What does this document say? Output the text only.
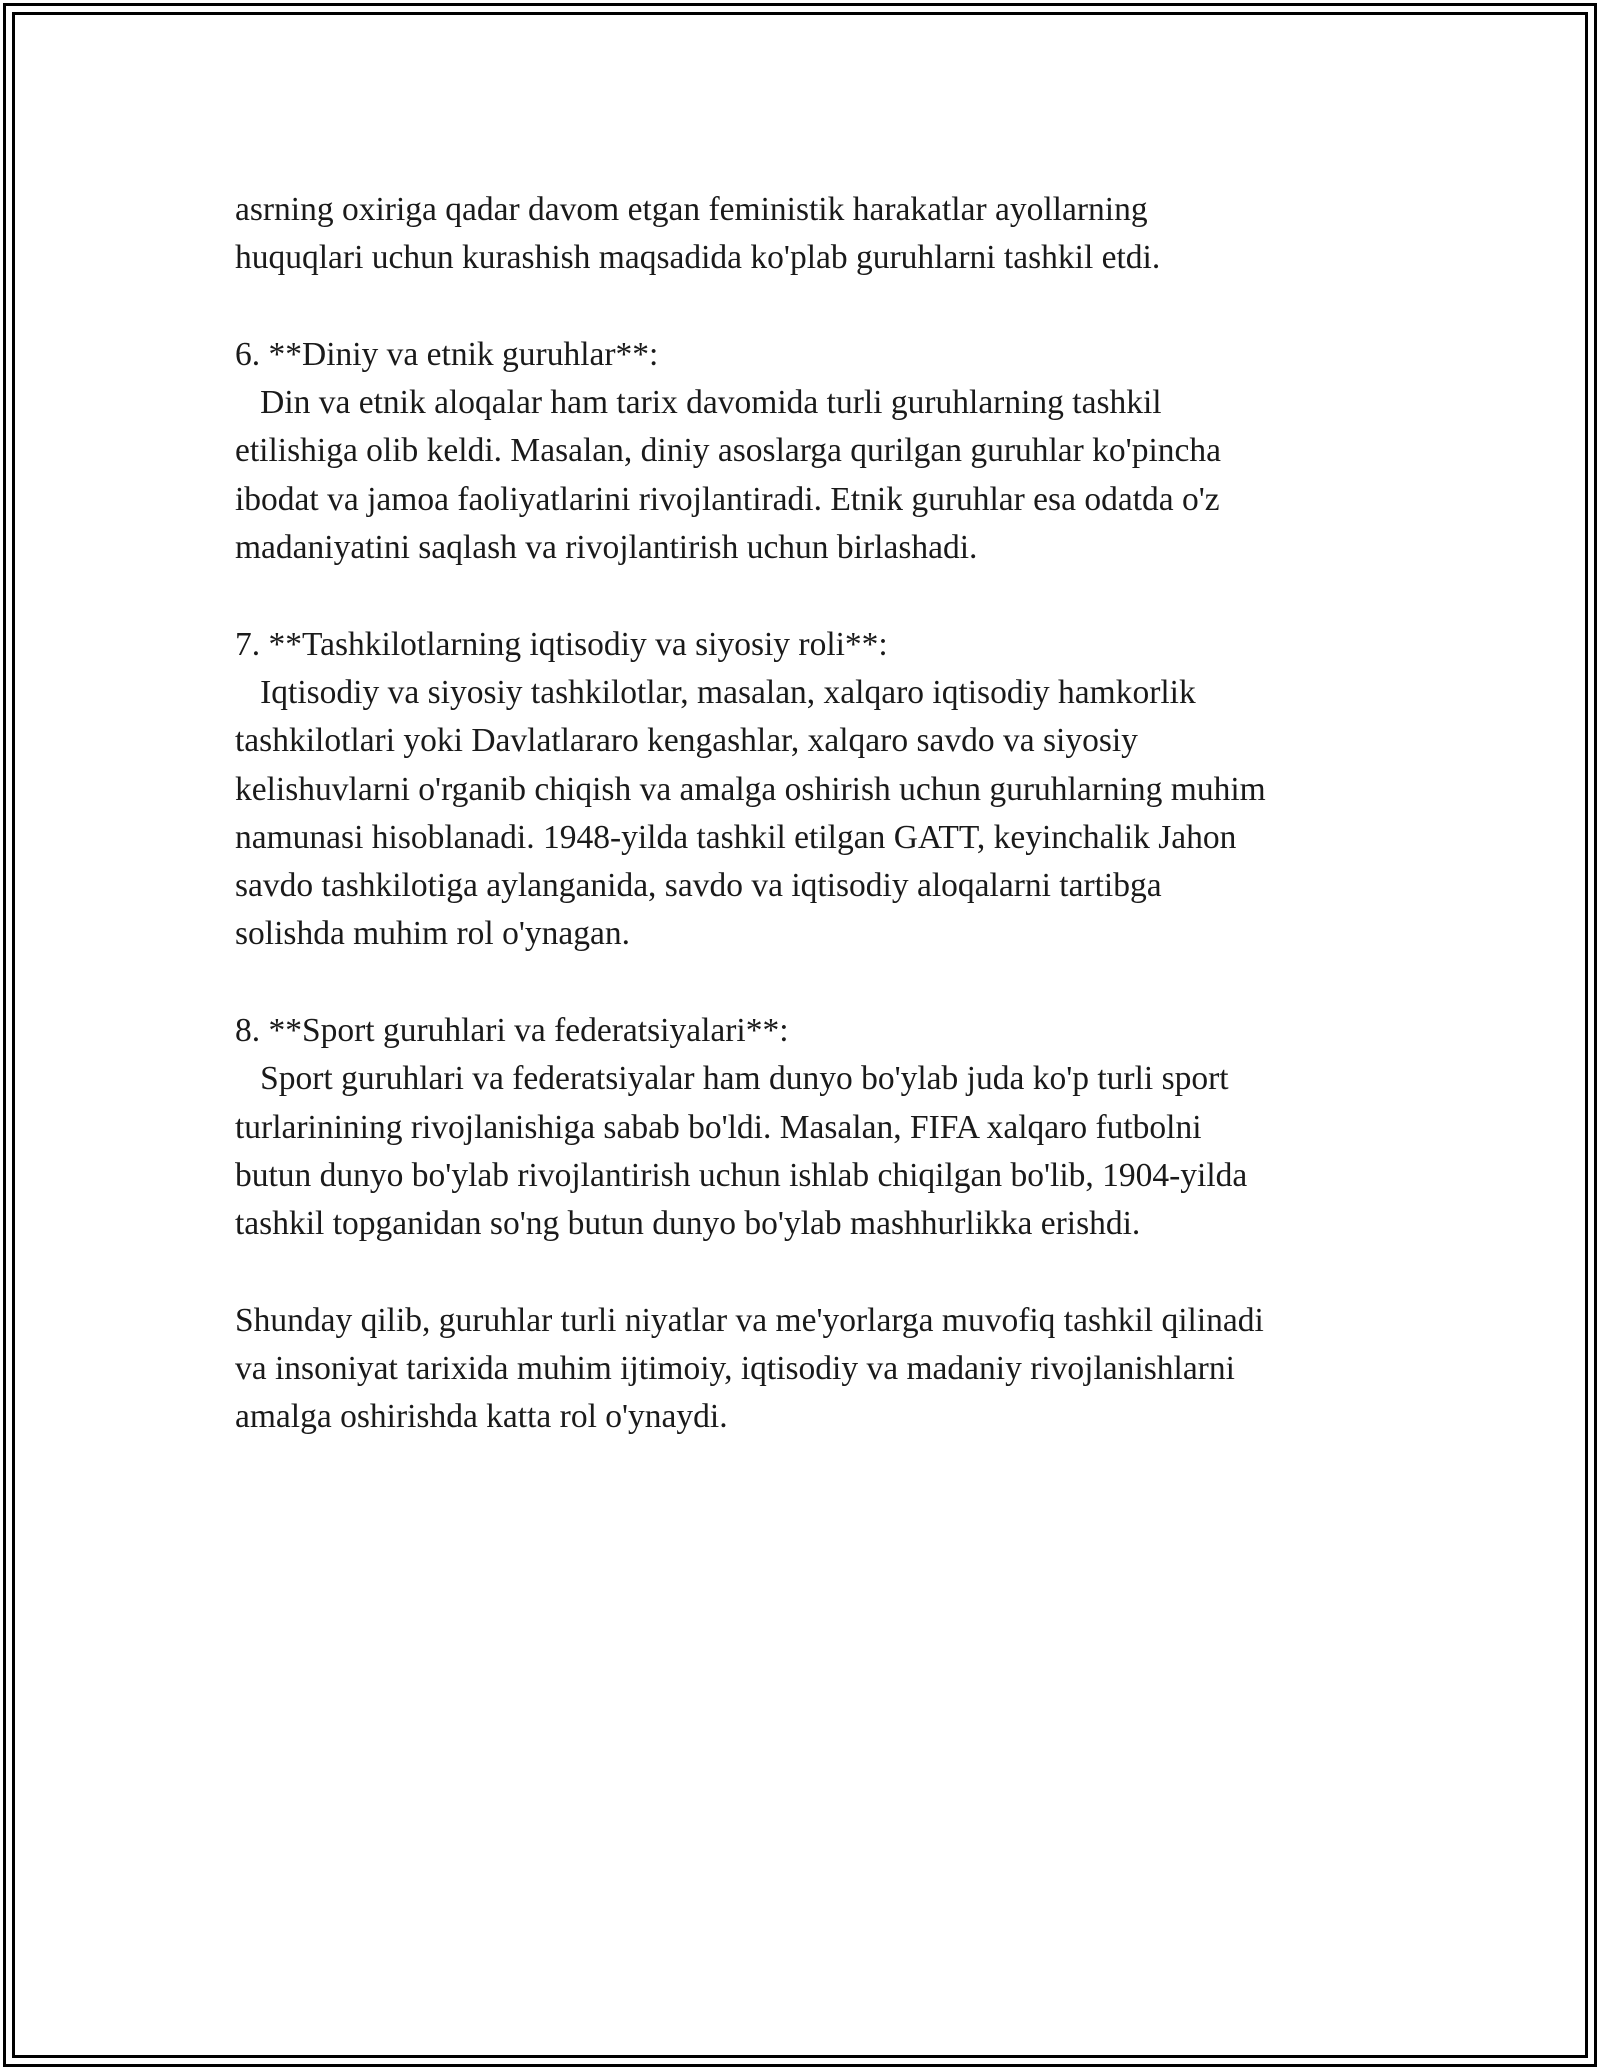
asrning oxiriga qadar davom etgan feministik harakatlar ayollarning
huquqlari uchun kurashish maqsadida ko'plab guruhlarni tashkil etdi.
6. **Diniy va etnik guruhlar**:
Din va etnik aloqalar ham tarix davomida turli guruhlarning tashkil
etilishiga olib keldi. Masalan, diniy asoslarga qurilgan guruhlar ko'pincha
ibodat va jamoa faoliyatlarini rivojlantiradi. Etnik guruhlar esa odatda o'z
madaniyatini saqlash va rivojlantirish uchun birlashadi.
7. **Tashkilotlarning iqtisodiy va siyosiy roli**:
Iqtisodiy va siyosiy tashkilotlar, masalan, xalqaro iqtisodiy hamkorlik
tashkilotlari yoki Davlatlararo kengashlar, xalqaro savdo va siyosiy
kelishuvlarni o'rganib chiqish va amalga oshirish uchun guruhlarning muhim
namunasi hisoblanadi. 1948-yilda tashkil etilgan GATT, keyinchalik Jahon
savdo tashkilotiga aylanganida, savdo va iqtisodiy aloqalarni tartibga
solishda muhim rol o'ynagan.
8. **Sport guruhlari va federatsiyalari**:
Sport guruhlari va federatsiyalar ham dunyo bo'ylab juda ko'p turli sport
turlarinining rivojlanishiga sabab bo'ldi. Masalan, FIFA xalqaro futbolni
butun dunyo bo'ylab rivojlantirish uchun ishlab chiqilgan bo'lib, 1904-yilda
tashkil topganidan so'ng butun dunyo bo'ylab mashhurlikka erishdi.
Shunday qilib, guruhlar turli niyatlar va me'yorlarga muvofiq tashkil qilinadi
va insoniyat tarixida muhim ijtimoiy, iqtisodiy va madaniy rivojlanishlarni
amalga oshirishda katta rol o'ynaydi.
